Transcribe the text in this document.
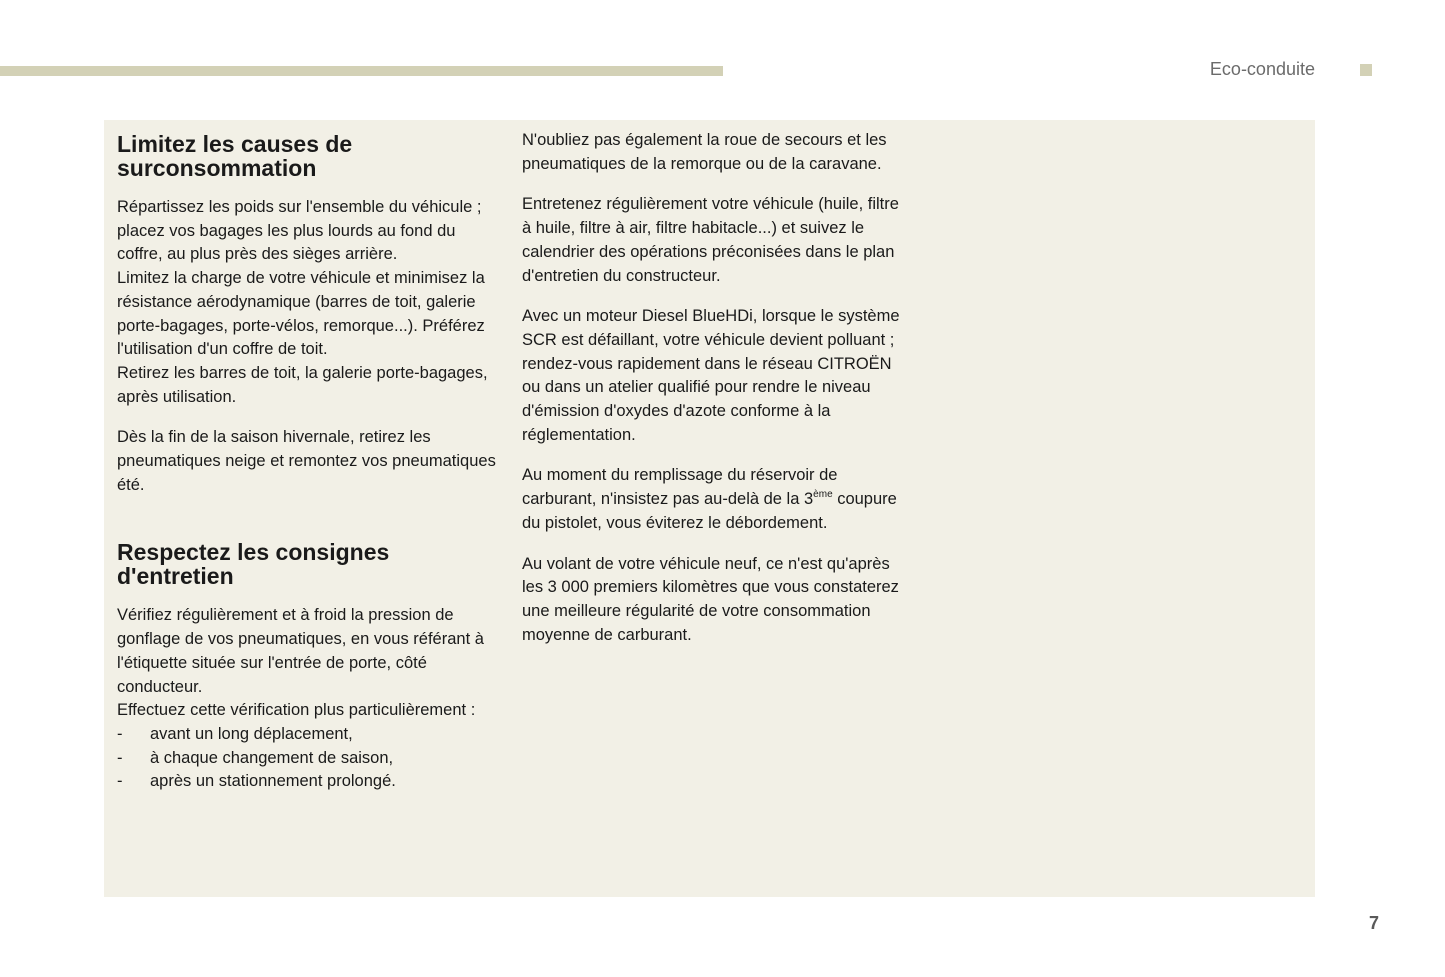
Eco-conduite
Limitez les causes de surconsommation

Répartissez les poids sur l'ensemble du véhicule ; placez vos bagages les plus lourds au fond du coffre, au plus près des sièges arrière.

Limitez la charge de votre véhicule et minimisez la résistance aérodynamique (barres de toit, galerie porte-bagages, porte-vélos, remorque...). Préférez l'utilisation d'un coffre de toit.

Retirez les barres de toit, la galerie porte-bagages, après utilisation.

Dès la fin de la saison hivernale, retirez les pneumatiques neige et remontez vos pneumatiques été.

Respectez les consignes d'entretien

Vérifiez régulièrement et à froid la pression de gonflage de vos pneumatiques, en vous référant à l'étiquette située sur l'entrée de porte, côté conducteur.

Effectuez cette vérification plus particulièrement :

-	avant un long déplacement,
-	à chaque changement de saison,
-	après un stationnement prolongé.

N'oubliez pas également la roue de secours et les pneumatiques de la remorque ou de la caravane.

Entretenez régulièrement votre véhicule (huile, filtre à huile, filtre à air, filtre habitacle...) et suivez le calendrier des opérations préconisées dans le plan d'entretien du constructeur.

Avec un moteur Diesel BlueHDi, lorsque le système SCR est défaillant, votre véhicule devient polluant ; rendez-vous rapidement dans le réseau CITROËN ou dans un atelier qualifié pour rendre le niveau d'émission d'oxydes d'azote conforme à la réglementation.

Au moment du remplissage du réservoir de carburant, n'insistez pas au-delà de la 3ème coupure du pistolet, vous éviterez le débordement.

Au volant de votre véhicule neuf, ce n'est qu'après les 3 000 premiers kilomètres que vous constaterez une meilleure régularité de votre consommation moyenne de carburant.

7
